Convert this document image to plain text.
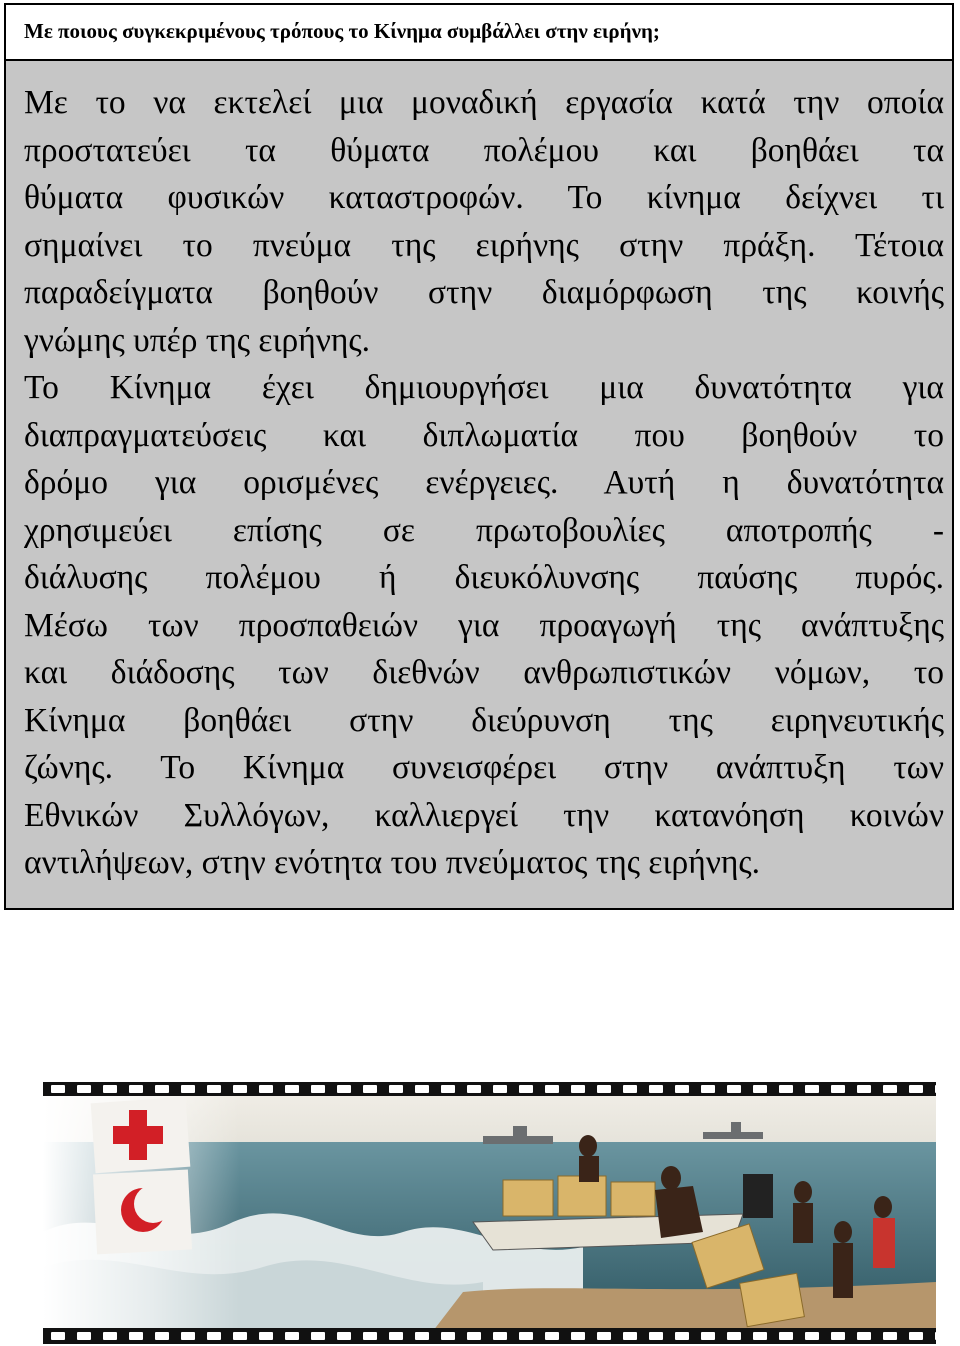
Με ποιους συγκεκριμένους τρόπους το Κίνημα συμβάλλει στην ειρήνη;
Με το να εκτελεί μια μοναδική εργασία κατά την οποία
προστατεύει τα θύματα πολέμου και βοηθάει τα
θύματα φυσικών καταστροφών. Το κίνημα δείχνει τι
σημαίνει το πνεύμα της ειρήνης στην πράξη. Τέτοια
παραδείγματα βοηθούν στην διαμόρφωση της κοινής
γνώμης υπέρ της ειρήνης.
Το Κίνημα έχει δημιουργήσει μια δυνατότητα για
διαπραγματεύσεις και διπλωματία που βοηθούν το
δρόμο για ορισμένες ενέργειες. Αυτή η δυνατότητα
χρησιμεύει επίσης σε πρωτοβουλίες αποτροπής -
διάλυσης πολέμου ή διευκόλυνσης παύσης πυρός.
Μέσω των προσπαθειών για προαγωγή της ανάπτυξης
και διάδοσης των διεθνών ανθρωπιστικών νόμων, το
Κίνημα βοηθάει στην διεύρυνση της ειρηνευτικής
ζώνης. Το Κίνημα συνεισφέρει στην ανάπτυξη των
Εθνικών Συλλόγων, καλλιεργεί την κατανόηση κοινών
αντιλήψεων, στην ενότητα του πνεύματος της ειρήνης.
